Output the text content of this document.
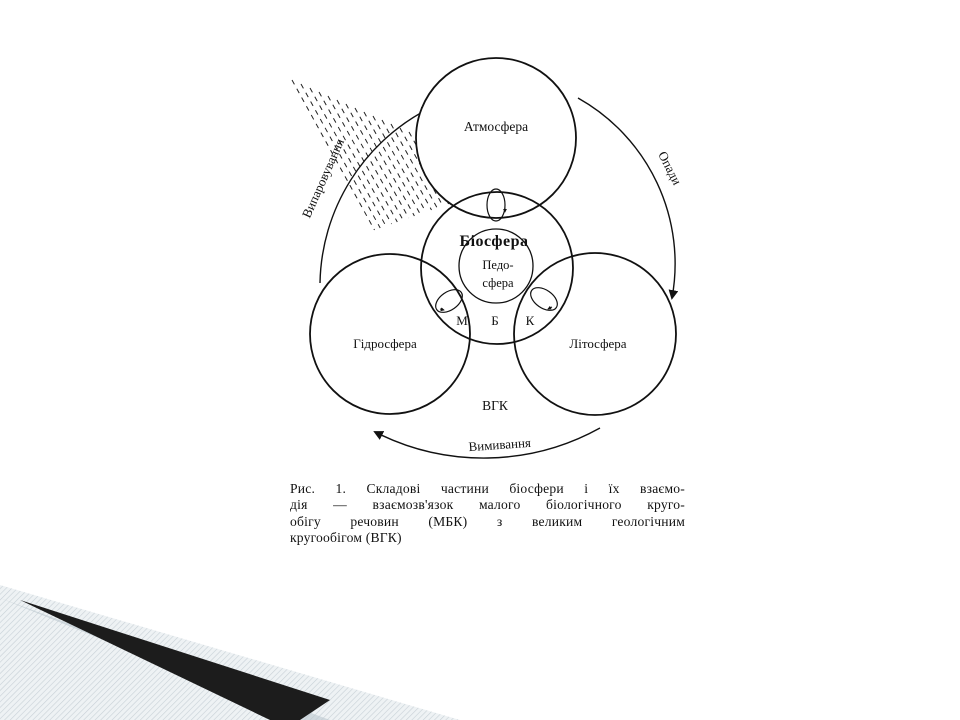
Атмосфера
Біосфера
Педо-
сфера
Гідросфера	Літосфера
М Б К
ВГК
Випаровування	Опади
Вимивання

Рис. 1. Складові частини біосфери і їх взаємо-

дія — взаємозв'язок малого біологічного круго-

обігу речовин (МБК) з великим геологічним

кругообігом (ВГК)
